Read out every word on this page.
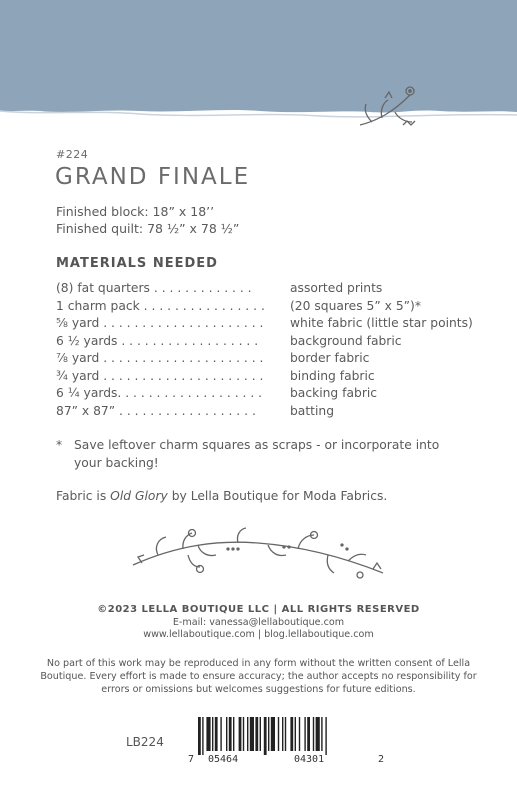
#224
GRAND FINALE
Finished block: 18” x 18’’
Finished quilt: 78 ½” x 78 ½”
MATERIALS NEEDED
(8) fat quarters . . . . . . . . . . . . .	assorted prints
1 charm pack . . . . . . . . . . . . . . . . (20 squares 5” x 5”)*
⅝ yard . . . . . . . . . . . . . . . . . . . . . white fabric (little star points)
6 ½ yards . . . . . . . . . . . . . . . . . .	background fabric
⅞ yard . . . . . . . . . . . . . . . . . . . . . border fabric
¾ yard . . . . . . . . . . . . . . . . . . . . . binding fabric
6 ¼ yards. . . . . . . . . . . . . . . . . . . backing fabric
87” x 87” . . . . . . . . . . . . . . . . . .	batting
* Save leftover charm squares as scraps - or incorporate into your backing!
Fabric is Old Glory by Lella Boutique for Moda Fabrics.
©2023 LELLA BOUTIQUE LLC | ALL RIGHTS RESERVED
E-mail: vanessa@lellaboutique.com
www.lellaboutique.com | blog.lellaboutique.com
No part of this work may be reproduced in any form without the written consent of Lella Boutique. Every effort is made to ensure accuracy; the author accepts no responsibility for errors or omissions but welcomes suggestions for future editions.
LB224
7 05464	04301	2
